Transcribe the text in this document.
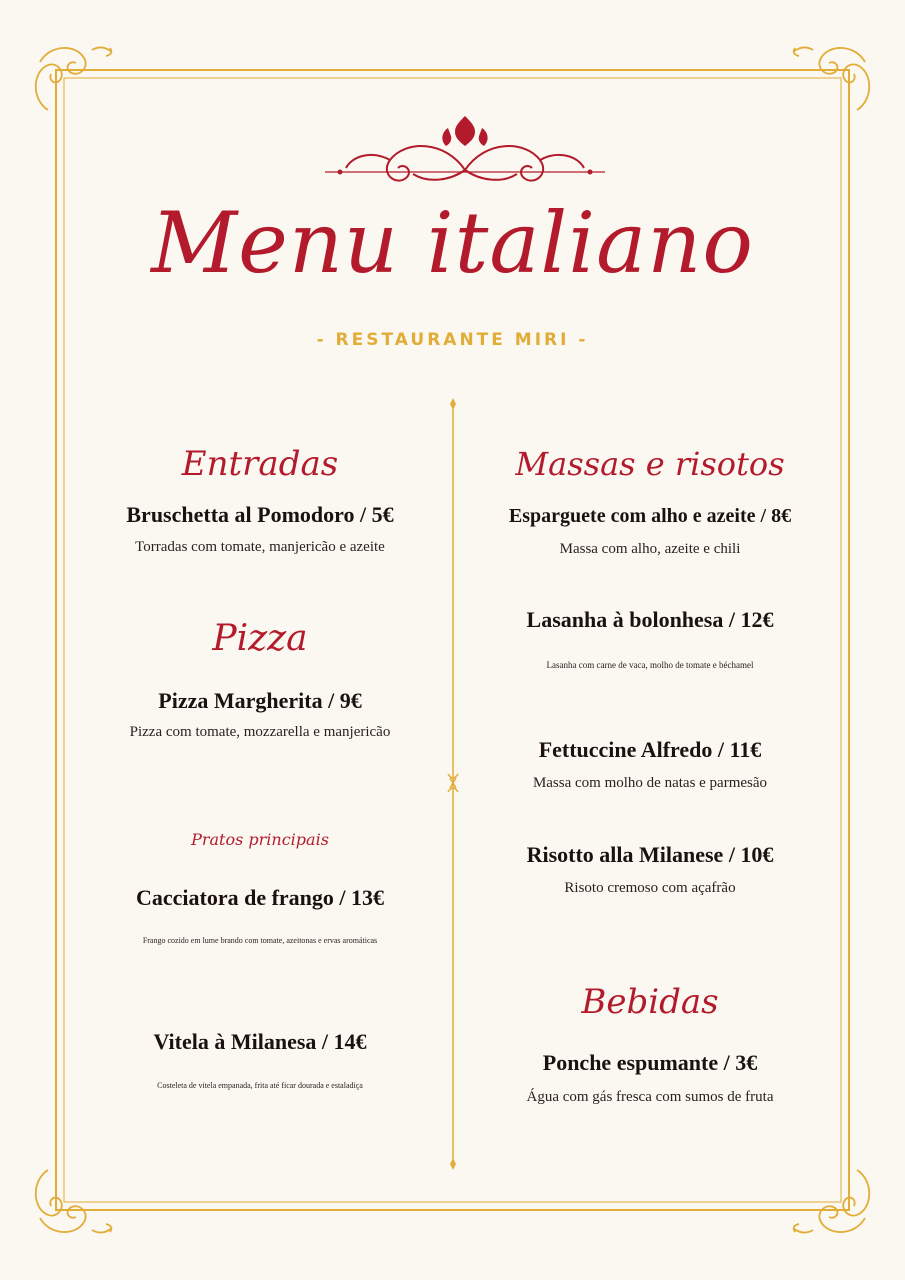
Menu italiano
- RESTAURANTE MIRI -
Entradas
Bruschetta al Pomodoro / 5€
Torradas com tomate, manjericão e azeite
Pizza
Pizza Margherita / 9€
Pizza com tomate, mozzarella e manjericão
Pratos principais
Cacciatora de frango / 13€
Frango cozido em lume brando com tomate, azeitonas e ervas aromáticas
Vitela à Milanesa / 14€
Costeleta de vitela empanada, frita até ficar dourada e estaladiça
Massas e risotos
Esparguete com alho e azeite / 8€
Massa com alho, azeite e chili
Lasanha à bolonhesa / 12€
Lasanha com carne de vaca, molho de tomate e béchamel
Fettuccine Alfredo / 11€
Massa com molho de natas e parmesão
Risotto alla Milanese / 10€
Risoto cremoso com açafrão
Bebidas
Ponche espumante / 3€
Água com gás fresca com sumos de fruta
